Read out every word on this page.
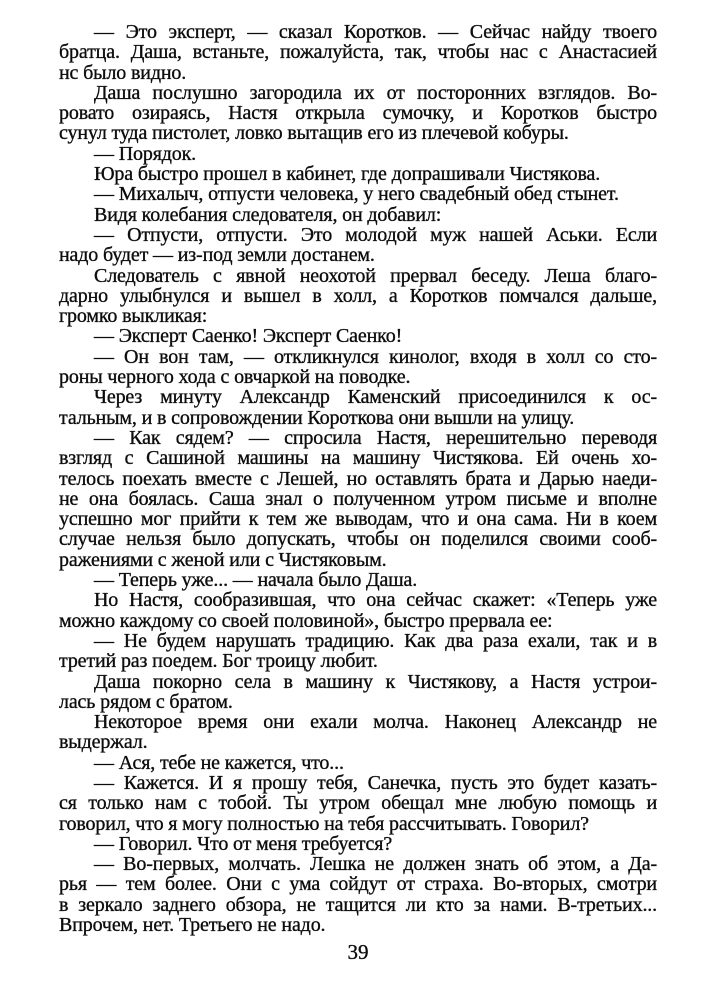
— Это эксперт, — сказал Коротков. — Сейчас найду твоего
братца. Даша, встаньте, пожалуйста, так, чтобы нас с Анастасией
нс было видно.
Даша послушно загородила их от посторонних взглядов. Во-
ровато озираясь, Настя открыла сумочку, и Коротков быстро
сунул туда пистолет, ловко вытащив его из плечевой кобуры.
— Порядок.
Юра быстро прошел в кабинет, где допрашивали Чистякова.
— Михалыч, отпусти человека, у него свадебный обед стынет.
Видя колебания следователя, он добавил:
— Отпусти, отпусти. Это молодой муж нашей Аськи. Если
надо будет — из-под земли достанем.
Следователь с явной неохотой прервал беседу. Леша благо-
дарно улыбнулся и вышел в холл, а Коротков помчался дальше,
громко выкликая:
— Эксперт Саенко! Эксперт Саенко!
— Он вон там, — откликнулся кинолог, входя в холл со сто-
роны черного хода с овчаркой на поводке.
Через минуту Александр Каменский присоединился к ос-
тальным, и в сопровождении Короткова они вышли на улицу.
— Как сядем? — спросила Настя, нерешительно переводя
взгляд с Сашиной машины на машину Чистякова. Ей очень хо-
телось поехать вместе с Лешей, но оставлять брата и Дарью наеди-
не она боялась. Саша знал о полученном утром письме и вполне
успешно мог прийти к тем же выводам, что и она сама. Ни в коем
случае нельзя было допускать, чтобы он поделился своими сооб-
ражениями с женой или с Чистяковым.
— Теперь уже... — начала было Даша.
Но Настя, сообразившая, что она сейчас скажет: «Теперь уже
можно каждому со своей половиной», быстро прервала ее:
— Не будем нарушать традицию. Как два раза ехали, так и в
третий раз поедем. Бог троицу любит.
Даша покорно села в машину к Чистякову, а Настя устрои-
лась рядом с братом.
Некоторое время они ехали молча. Наконец Александр не
выдержал.
— Ася, тебе не кажется, что...
— Кажется. И я прошу тебя, Санечка, пусть это будет казать-
ся только нам с тобой. Ты утром обещал мне любую помощь и
говорил, что я могу полностью на тебя рассчитывать. Говорил?
— Говорил. Что от меня требуется?
— Во-первых, молчать. Лешка не должен знать об этом, а Да-
рья — тем более. Они с ума сойдут от страха. Во-вторых, смотри
в зеркало заднего обзора, не тащится ли кто за нами. В-третьих...
Впрочем, нет. Третьего не надо.
39
